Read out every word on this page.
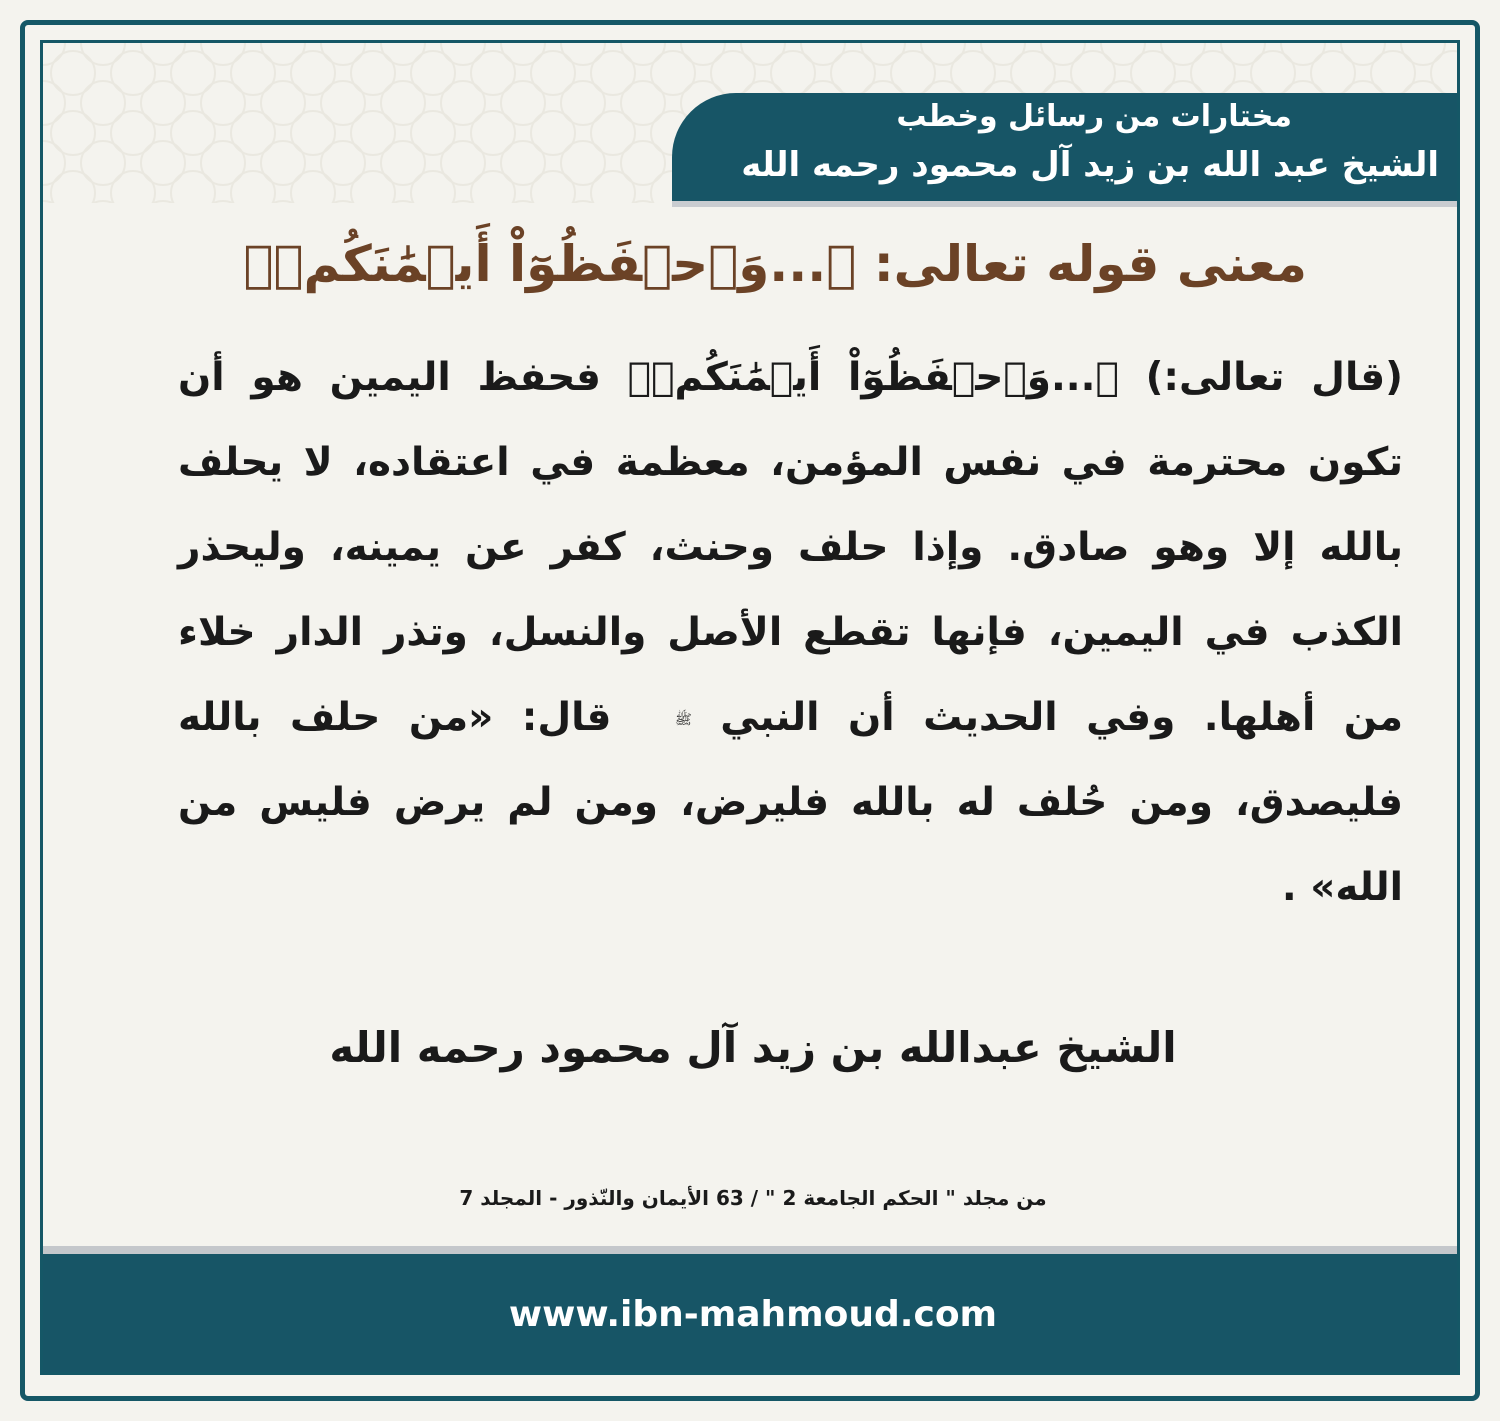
مختارات من رسائل وخطب
الشيخ عبد الله بن زيد آل محمود رحمه الله
معنى قوله تعالى: ﴿...وَٱحۡفَظُوٓاْ أَيۡمَٰنَكُمۡ﴾
(قال تعالى:) ﴿...وَٱحۡفَظُوٓاْ أَيۡمَٰنَكُمۡ﴾ فحفظ اليمين هو أن تكون محترمة في نفس المؤمن، معظمة في اعتقاده، لا يحلف بالله إلا وهو صادق. وإذا حلف وحنث، كفر عن يمينه، وليحذر الكذب في اليمين، فإنها تقطع الأصل والنسل، وتذر الدار خلاء من أهلها. وفي الحديث أن النبي ﷺ قال: «من حلف بالله فليصدق، ومن حُلف له بالله فليرض، ومن لم يرض فليس من الله» .
الشيخ عبدالله بن زيد آل محمود رحمه الله
من مجلد " الحكم الجامعة 2 " / 63 الأيمان والنّذور - المجلد 7
www.ibn-mahmoud.com
